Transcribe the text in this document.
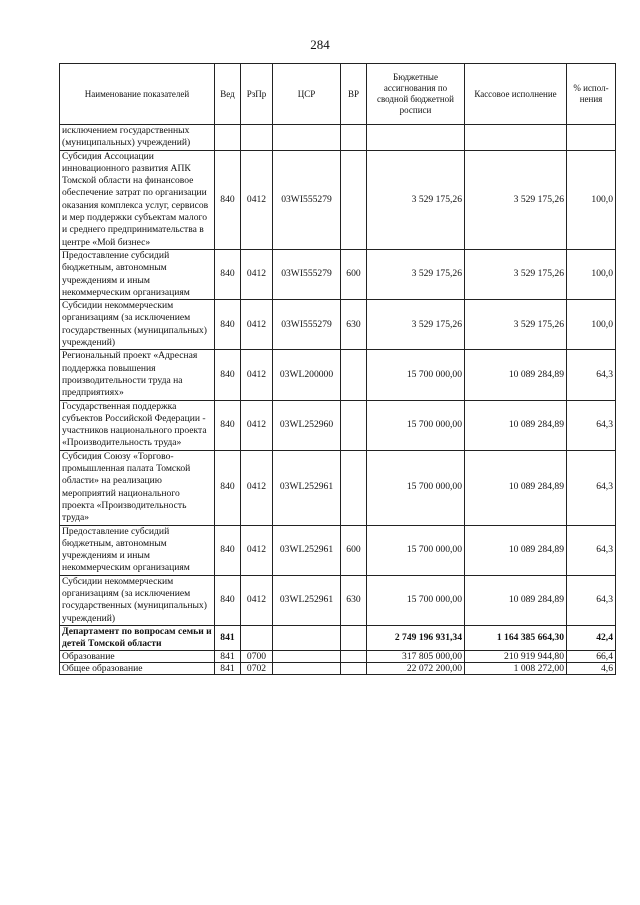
284
Наименование показателей	Вед	РзПр	ЦСР	ВР	Бюджетные ассигнования по сводной бюджетной росписи	Кассовое исполнение	% испол-нения
исключением государственных (муниципальных) учреждений)							
Субсидия Ассоциации инновационного развития АПК Томской области на финансовое обеспечение затрат по организации оказания комплекса услуг, сервисов и мер поддержки субъектам малого и среднего предпринимательства в центре «Мой бизнес»	840	0412	03WI555279		3 529 175,26	3 529 175,26	100,0
Предоставление субсидий бюджетным, автономным учреждениям и иным некоммерческим организациям	840	0412	03WI555279	600	3 529 175,26	3 529 175,26	100,0
Субсидии некоммерческим организациям (за исключением государственных (муниципальных) учреждений)	840	0412	03WI555279	630	3 529 175,26	3 529 175,26	100,0
Региональный проект «Адресная поддержка повышения производительности труда на предприятиях»	840	0412	03WL200000		15 700 000,00	10 089 284,89	64,3
Государственная поддержка субъектов Российской Федерации - участников национального проекта «Производительность труда»	840	0412	03WL252960		15 700 000,00	10 089 284,89	64,3
Субсидия Союзу «Торгово-промышленная палата Томской области» на реализацию мероприятий национального проекта «Производительность труда»	840	0412	03WL252961		15 700 000,00	10 089 284,89	64,3
Предоставление субсидий бюджетным, автономным учреждениям и иным некоммерческим организациям	840	0412	03WL252961	600	15 700 000,00	10 089 284,89	64,3
Субсидии некоммерческим организациям (за исключением государственных (муниципальных) учреждений)	840	0412	03WL252961	630	15 700 000,00	10 089 284,89	64,3
Департамент по вопросам семьи и детей Томской области	841				2 749 196 931,34	1 164 385 664,30	42,4
Образование	841	0700			317 805 000,00	210 919 944,80	66,4
Общее образование	841	0702			22 072 200,00	1 008 272,00	4,6
